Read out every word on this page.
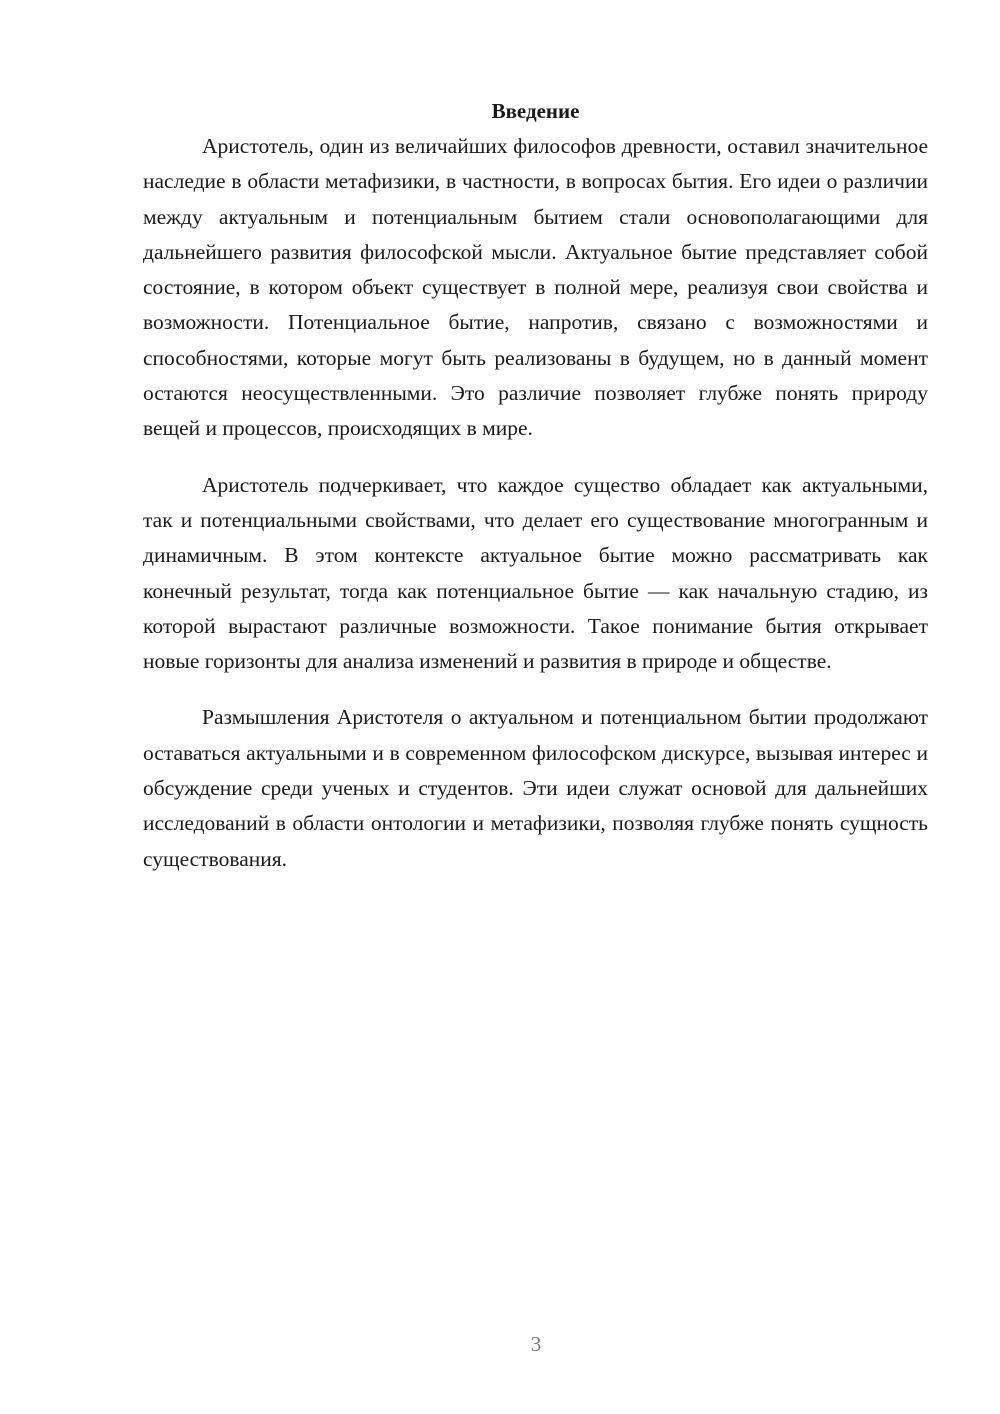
Введение

Аристотель, один из величайших философов древности, оставил значительное наследие в области метафизики, в частности, в вопросах бытия. Его идеи о различии между актуальным и потенциальным бытием стали основополагающими для дальнейшего развития философской мысли. Актуальное бытие представляет собой состояние, в котором объект существует в полной мере, реализуя свои свойства и возможности. Потенциальное бытие, напротив, связано с возможностями и способностями, которые могут быть реализованы в будущем, но в данный момент остаются неосуществленными. Это различие позволяет глубже понять природу вещей и процессов, происходящих в мире.

Аристотель подчеркивает, что каждое существо обладает как актуальными, так и потенциальными свойствами, что делает его существование многогранным и динамичным. В этом контексте актуальное бытие можно рассматривать как конечный результат, тогда как потенциальное бытие — как начальную стадию, из которой вырастают различные возможности. Такое понимание бытия открывает новые горизонты для анализа изменений и развития в природе и обществе.

Размышления Аристотеля о актуальном и потенциальном бытии продолжают оставаться актуальными и в современном философском дискурсе, вызывая интерес и обсуждение среди ученых и студентов. Эти идеи служат основой для дальнейших исследований в области онтологии и метафизики, позволяя глубже понять сущность существования.

3
